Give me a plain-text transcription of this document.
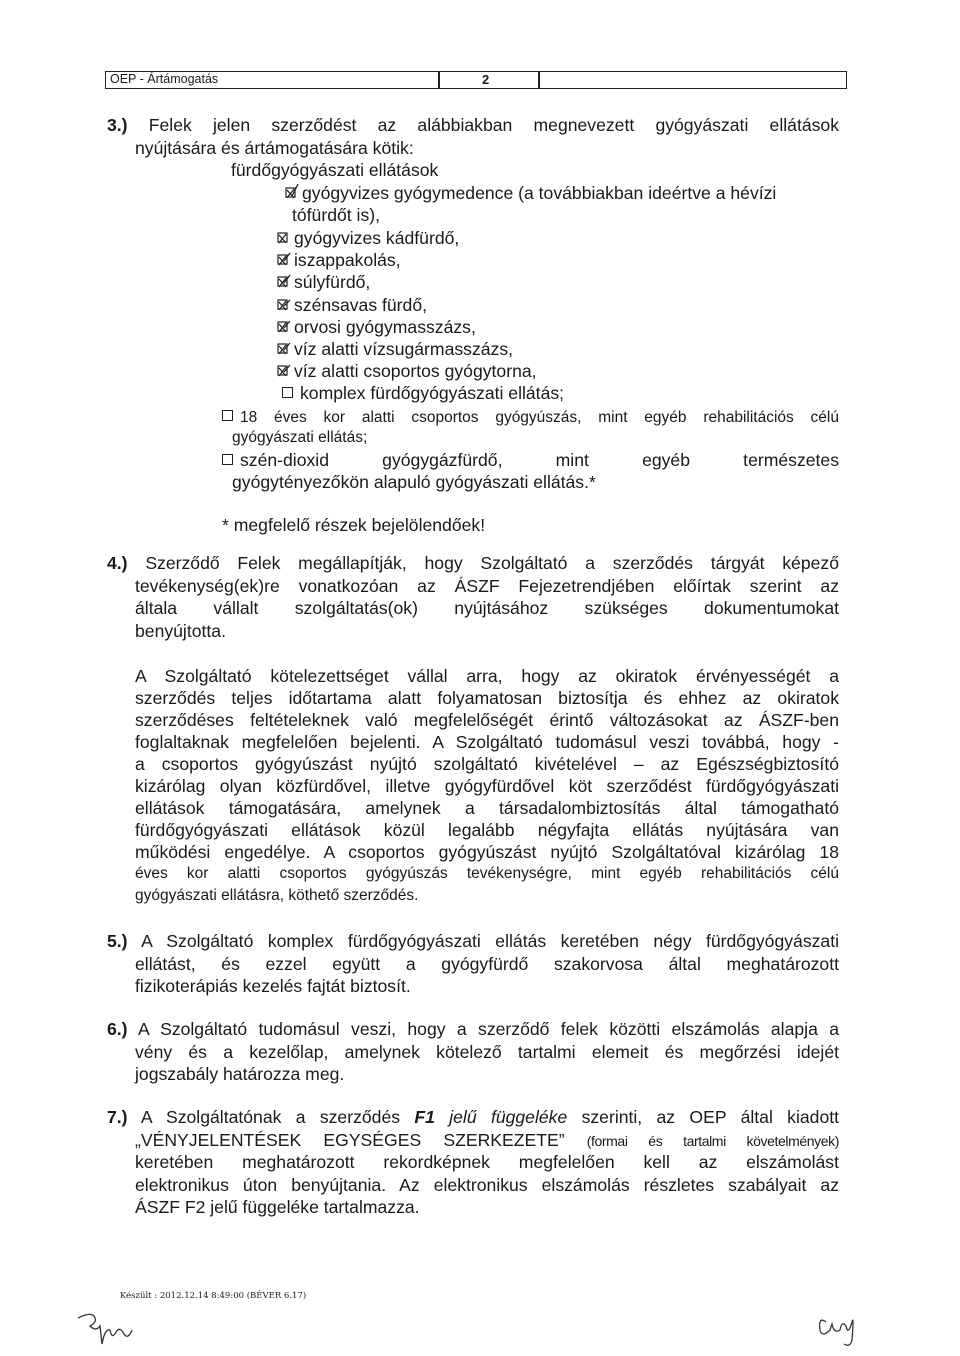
OEP - Ártámogatás	2
3.) Felek jelen szerződést az alábbiakban megnevezett gyógyászati ellátások
nyújtására és ártámogatására kötik:
fürdőgyógyászati ellátások
gyógyvizes gyógymedence (a továbbiakban ideértve a hévízi
tófürdőt is),
gyógyvizes kádfürdő,
iszappakolás,
súlyfürdő,
szénsavas fürdő,
orvosi gyógymasszázs,
víz alatti vízsugármasszázs,
víz alatti csoportos gyógytorna,
komplex fürdőgyógyászati ellátás;
18 éves kor alatti csoportos gyógyúszás, mint egyéb rehabilitációs célú
gyógyászati ellátás;
szén-dioxid gyógygázfürdő, mint egyéb természetes
gyógytényezőkön alapuló gyógyászati ellátás.*
* megfelelő részek bejelölendőek!
4.) Szerződő Felek megállapítják, hogy Szolgáltató a szerződés tárgyát képező
tevékenység(ek)re vonatkozóan az ÁSZF Fejezetrendjében előírtak szerint az
általa vállalt szolgáltatás(ok) nyújtásához szükséges dokumentumokat
benyújtotta.
A Szolgáltató kötelezettséget vállal arra, hogy az okiratok érvényességét a
szerződés teljes időtartama alatt folyamatosan biztosítja és ehhez az okiratok
szerződéses feltételeknek való megfelelőségét érintő változásokat az ÁSZF-ben
foglaltaknak megfelelően bejelenti. A Szolgáltató tudomásul veszi továbbá, hogy -
a csoportos gyógyúszást nyújtó szolgáltató kivételével – az Egészségbiztosító
kizárólag olyan közfürdővel, illetve gyógyfürdővel köt szerződést fürdőgyógyászati
ellátások támogatására, amelynek a társadalombiztosítás által támogatható
fürdőgyógyászati ellátások közül legalább négyfajta ellátás nyújtására van
működési engedélye. A csoportos gyógyúszást nyújtó Szolgáltatóval kizárólag 18
éves kor alatti csoportos gyógyúszás tevékenységre, mint egyéb rehabilitációs célú
gyógyászati ellátásra, köthető szerződés.
5.) A Szolgáltató komplex fürdőgyógyászati ellátás keretében négy fürdőgyógyászati
ellátást, és ezzel együtt a gyógyfürdő szakorvosa által meghatározott
fizikoterápiás kezelés fajtát biztosít.
6.) A Szolgáltató tudomásul veszi, hogy a szerződő felek közötti elszámolás alapja a
vény és a kezelőlap, amelynek kötelező tartalmi elemeit és megőrzési idejét
jogszabály határozza meg.
7.) A Szolgáltatónak a szerződés F1 jelű függeléke szerinti, az OEP által kiadott
„VÉNYJELENTÉSEK EGYSÉGES SZERKEZETE” (formai és tartalmi követelmények)
keretében meghatározott rekordképnek megfelelően kell az elszámolást
elektronikus úton benyújtania. Az elektronikus elszámolás részletes szabályait az
ÁSZF F2 jelű függeléke tartalmazza.
Készült : 2012.12.14 8:49:00 (BÉVER 6.17)
